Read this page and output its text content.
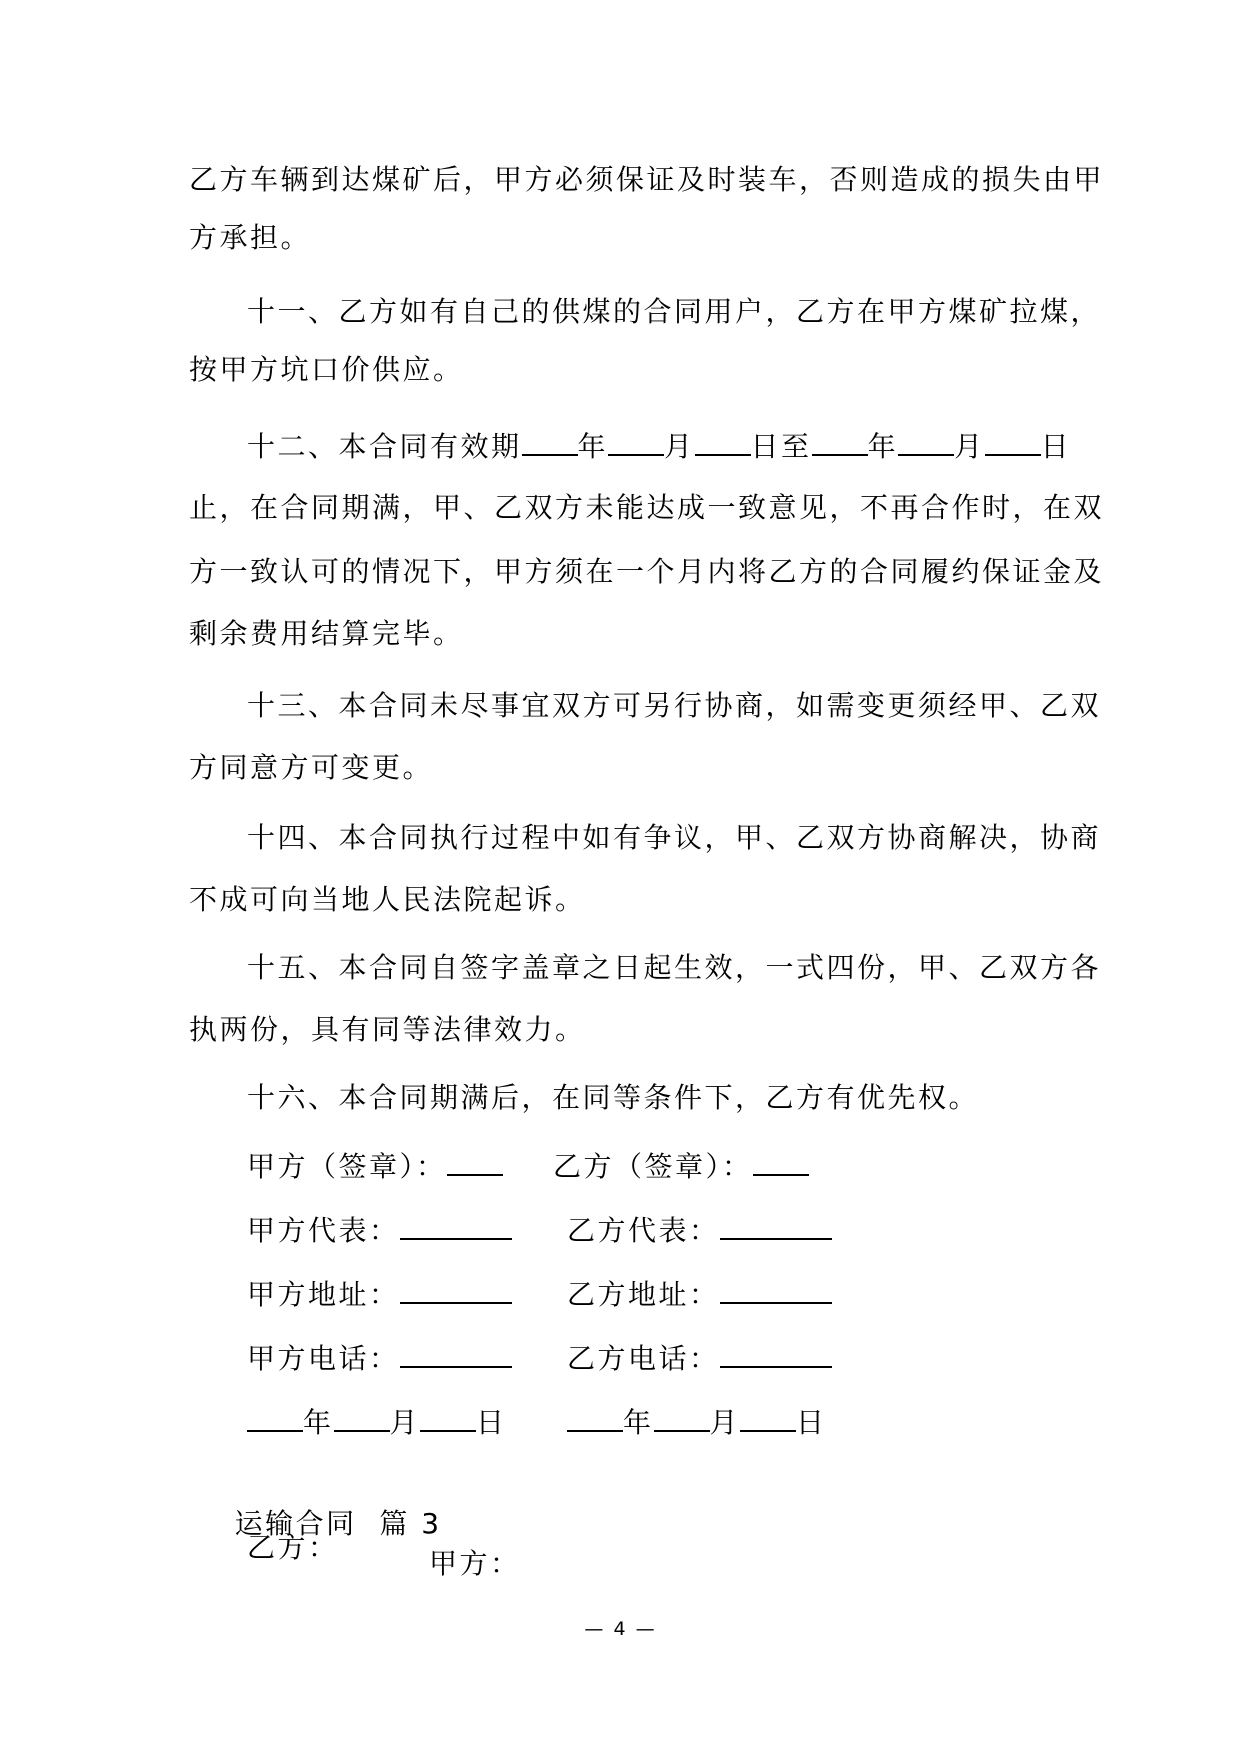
乙方车辆到达煤矿后，甲方必须保证及时装车，否则造成的损失由甲
方承担。
十一、乙方如有自己的供煤的合同用户，乙方在甲方煤矿拉煤，
按甲方坑口价供应。
十二、本合同有效期 年 月 日至 年 月 日
止，在合同期满，甲、乙双方未能达成一致意见，不再合作时，在双
方一致认可的情况下，甲方须在一个月内将乙方的合同履约保证金及
剩余费用结算完毕。
十三、本合同未尽事宜双方可另行协商，如需变更须经甲、乙双
方同意方可变更。
十四、本合同执行过程中如有争议，甲、乙双方协商解决，协商
不成可向当地人民法院起诉。
十五、本合同自签字盖章之日起生效，一式四份，甲、乙双方各
执两份，具有同等法律效力。
十六、本合同期满后，在同等条件下，乙方有优先权。
甲方（签章）：	乙方（签章）：
甲方代表：	乙方代表：
甲方地址：	乙方地址：
甲方电话：	乙方电话：
年 月 日	年 月 日

运输合同  篇 3

甲方：

乙方：
— 4 —
